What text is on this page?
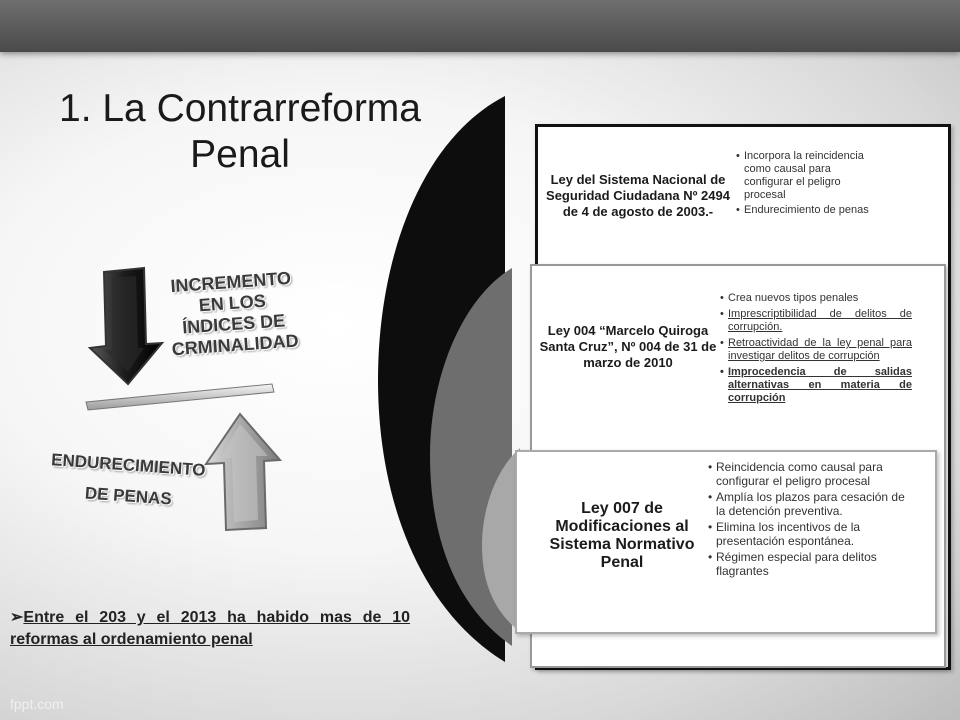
1. La Contrarreforma
Penal
INCREMENTO EN LOS ÍNDICES DE CRMINALIDAD
ENDURECIMIENTO
DE PENAS
Ley del Sistema Nacional de Seguridad Ciudadana Nº 2494 de 4 de agosto de 2003.-
• Incorpora la reincidencia como causal para configurar el peligro procesal
• Endurecimiento de penas
Ley 004 “Marcelo Quiroga Santa Cruz”, Nº 004 de 31 de marzo de 2010
• Crea nuevos tipos penales
• Imprescriptibilidad de delitos de corrupción.
• Retroactividad de la ley penal para investigar delitos de corrupción
• Improcedencia de salidas alternativas en materia de corrupción
Ley 007 de Modificaciones al Sistema Normativo Penal
• Reincidencia como causal para configurar el peligro procesal
• Amplía los plazos para cesación de la detención preventiva.
• Elimina los incentivos de la presentación espontánea.
• Régimen especial para delitos flagrantes
➢Entre el 203 y el 2013 ha habido mas de 10
reformas al ordenamiento penal
fppt.com
